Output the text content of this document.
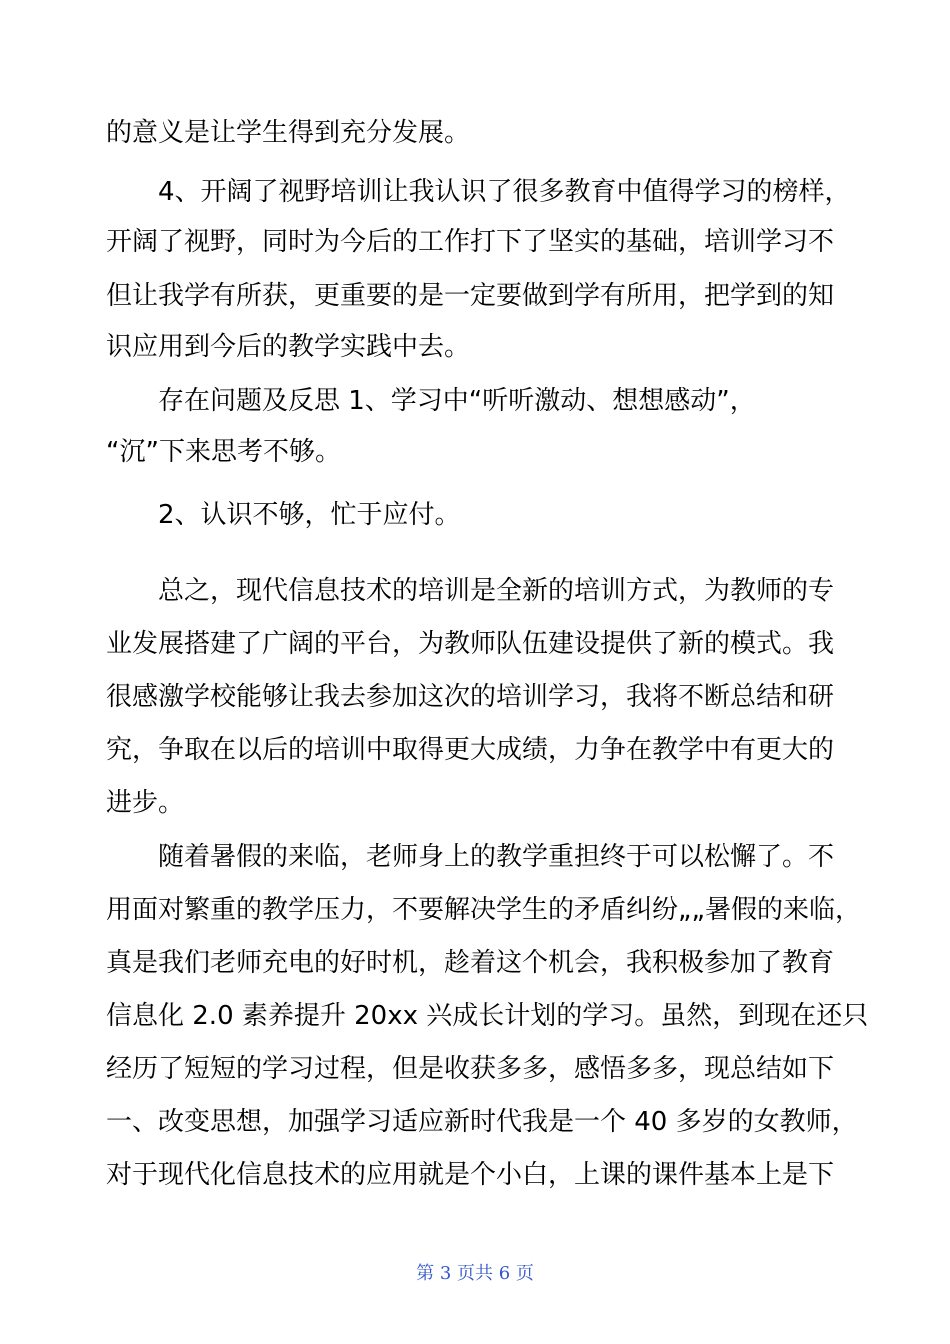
的意义是让学生得到充分发展。
4、开阔了视野培训让我认识了很多教育中值得学习的榜样，
开阔了视野，同时为今后的工作打下了坚实的基础，培训学习不
但让我学有所获，更重要的是一定要做到学有所用，把学到的知
识应用到今后的教学实践中去。
存在问题及反思 1、学习中“听听激动、想想感动”，
“沉”下来思考不够。
2、认识不够，忙于应付。
总之，现代信息技术的培训是全新的培训方式，为教师的专
业发展搭建了广阔的平台，为教师队伍建设提供了新的模式。我
很感激学校能够让我去参加这次的培训学习，我将不断总结和研
究，争取在以后的培训中取得更大成绩，力争在教学中有更大的
进步。
随着暑假的来临，老师身上的教学重担终于可以松懈了。不
用面对繁重的教学压力，不要解决学生的矛盾纠纷„„暑假的来临，
真是我们老师充电的好时机，趁着这个机会，我积极参加了教育
信息化 2.0 素养提升 20xx 兴成长计划的学习。虽然，到现在还只
经历了短短的学习过程，但是收获多多，感悟多多，现总结如下
一、改变思想，加强学习适应新时代我是一个 40 多岁的女教师，
对于现代化信息技术的应用就是个小白，上课的课件基本上是下
第 3 页共 6 页
